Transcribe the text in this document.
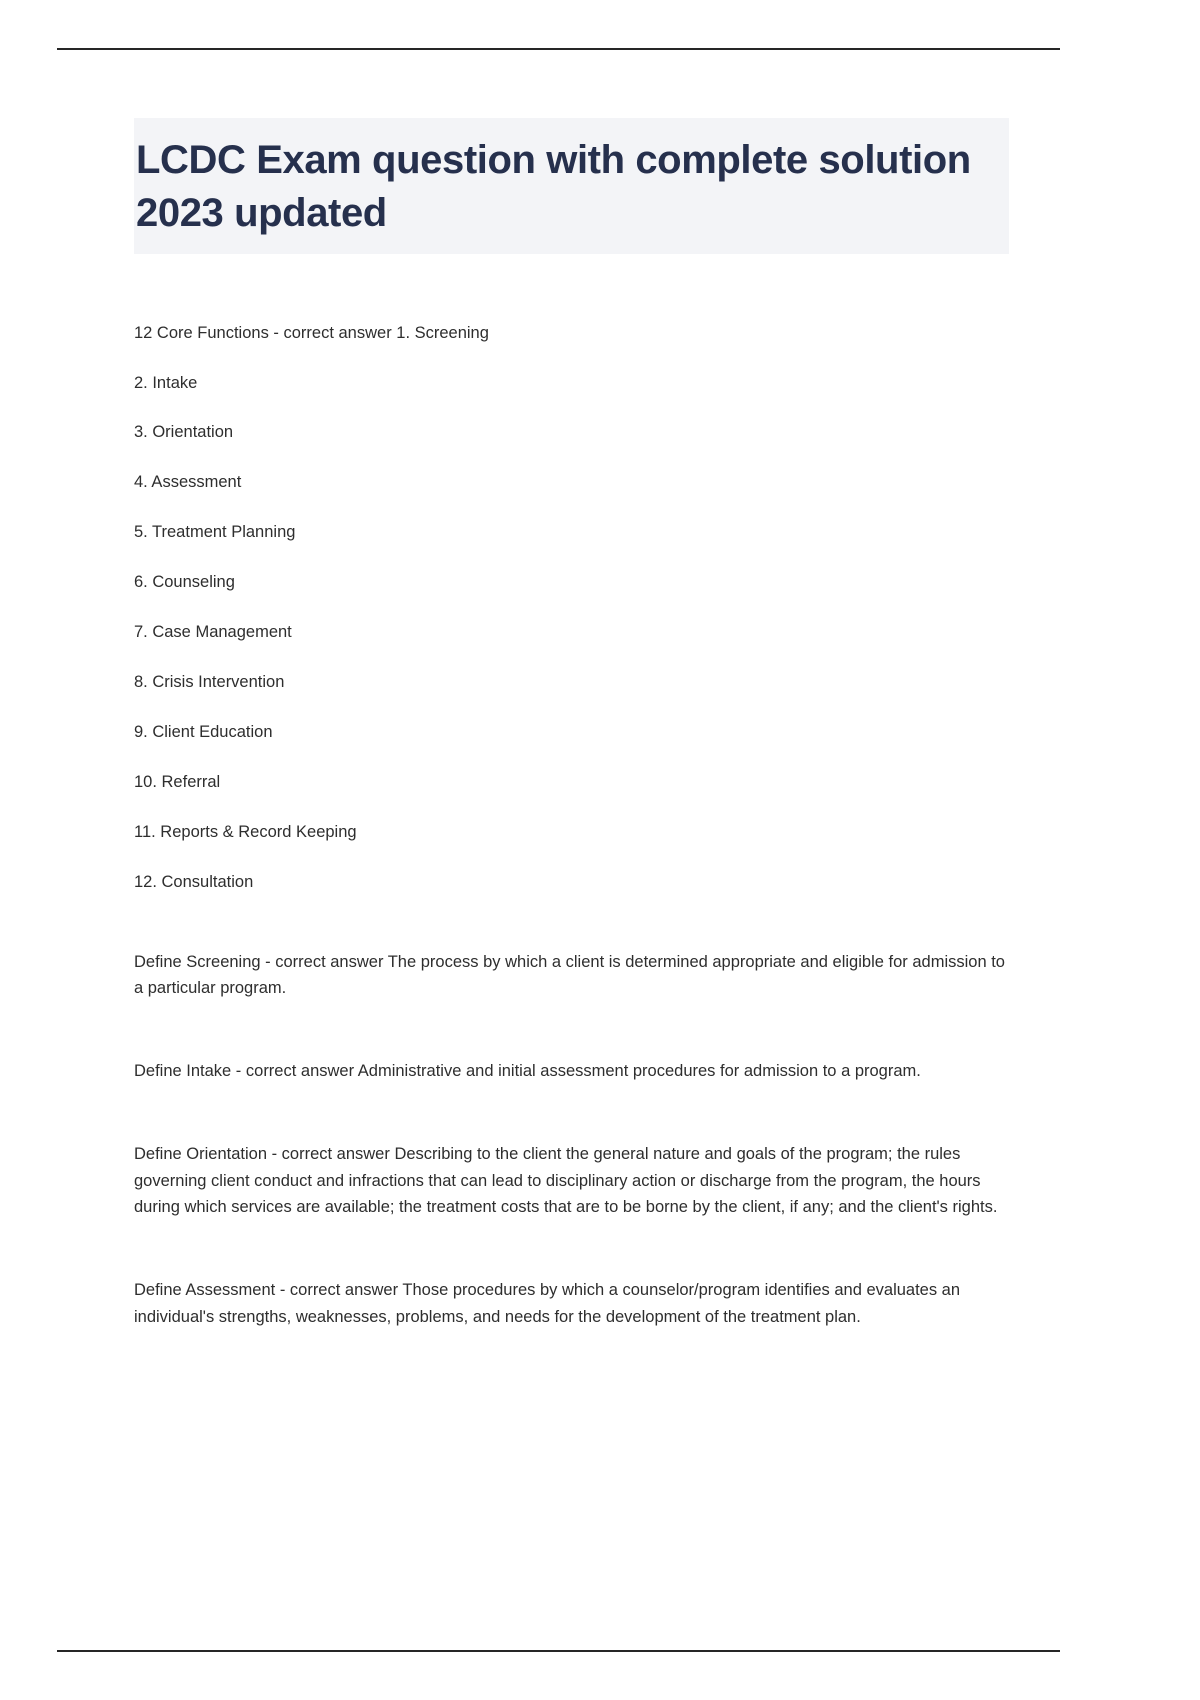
LCDC Exam question with complete solution 2023 updated

12 Core Functions - correct answer 1. Screening

2. Intake

3. Orientation

4. Assessment

5. Treatment Planning

6. Counseling

7. Case Management

8. Crisis Intervention

9. Client Education

10. Referral

11. Reports & Record Keeping

12. Consultation

Define Screening - correct answer The process by which a client is determined appropriate and eligible for admission to a particular program.

Define Intake - correct answer Administrative and initial assessment procedures for admission to a program.

Define Orientation - correct answer Describing to the client the general nature and goals of the program; the rules governing client conduct and infractions that can lead to disciplinary action or discharge from the program, the hours during which services are available; the treatment costs that are to be borne by the client, if any; and the client's rights.

Define Assessment - correct answer Those procedures by which a counselor/program identifies and evaluates an individual's strengths, weaknesses, problems, and needs for the development of the treatment plan.
